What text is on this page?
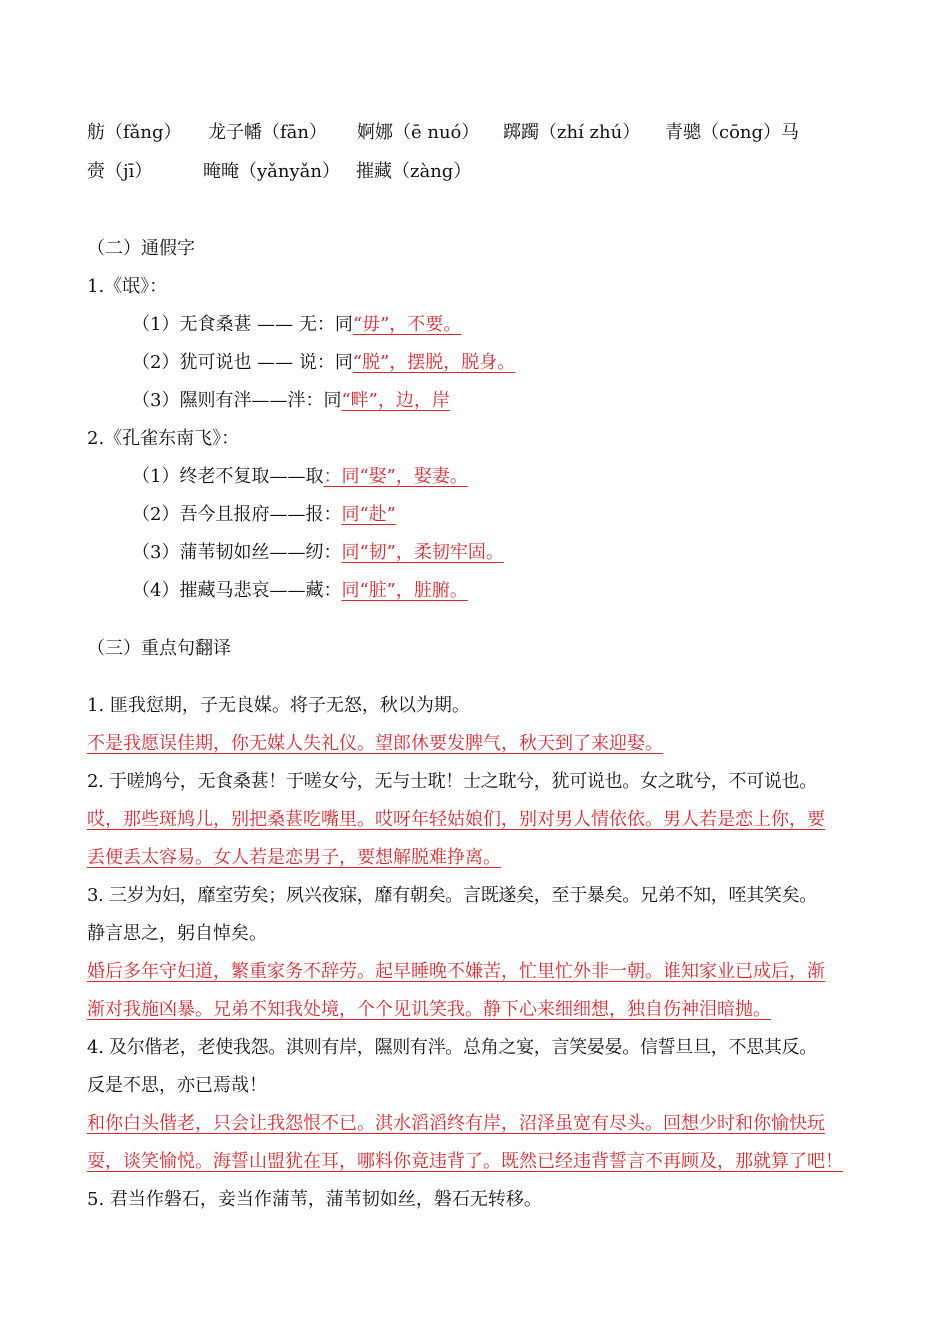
舫（fǎng） 龙子幡（fān） 婀娜（ē nuó） 踯躅（zhí zhú） 青骢（cōng）马
赍（jī）	晻晻（yǎnyǎn） 摧藏（zàng）
（二）通假字
1.《氓》：
（1）无食桑葚 —— 无：同“毋”，不要。
（2）犹可说也 —— 说：同“脱”，摆脱，脱身。
（3）隰则有泮——泮：同“畔”，边，岸
2.《孔雀东南飞》：
（1）终老不复取——取：同“娶”，娶妻。
（2）吾今且报府——报：同“赴”
（3）蒲苇韧如丝——纫：同“韧”，柔韧牢固。
（4）摧藏马悲哀——藏：同“脏”，脏腑。
（三）重点句翻译
1. 匪我愆期，子无良媒。将子无怒，秋以为期。
不是我愿误佳期，你无媒人失礼仪。望郎休要发脾气，秋天到了来迎娶。
2. 于嗟鸠兮，无食桑葚！于嗟女兮，无与士耽！士之耽兮，犹可说也。女之耽兮，不可说也。
哎，那些斑鸠儿，别把桑葚吃嘴里。哎呀年轻姑娘们，别对男人情依依。男人若是恋上你，要
丢便丢太容易。女人若是恋男子，要想解脱难挣离。
3. 三岁为妇，靡室劳矣；夙兴夜寐，靡有朝矣。言既遂矣，至于暴矣。兄弟不知，咥其笑矣。
静言思之，躬自悼矣。
婚后多年守妇道，繁重家务不辞劳。起早睡晚不嫌苦，忙里忙外非一朝。谁知家业已成后，渐
渐对我施凶暴。兄弟不知我处境，个个见讥笑我。静下心来细细想，独自伤神泪暗抛。
4. 及尔偕老，老使我怨。淇则有岸，隰则有泮。总角之宴，言笑晏晏。信誓旦旦，不思其反。
反是不思，亦已焉哉！
和你白头偕老，只会让我怨恨不已。淇水滔滔终有岸，沼泽虽宽有尽头。回想少时和你愉快玩
耍，谈笑愉悦。海誓山盟犹在耳，哪料你竟违背了。既然已经违背誓言不再顾及，那就算了吧！
5. 君当作磐石，妾当作蒲苇，蒲苇韧如丝，磐石无转移。
